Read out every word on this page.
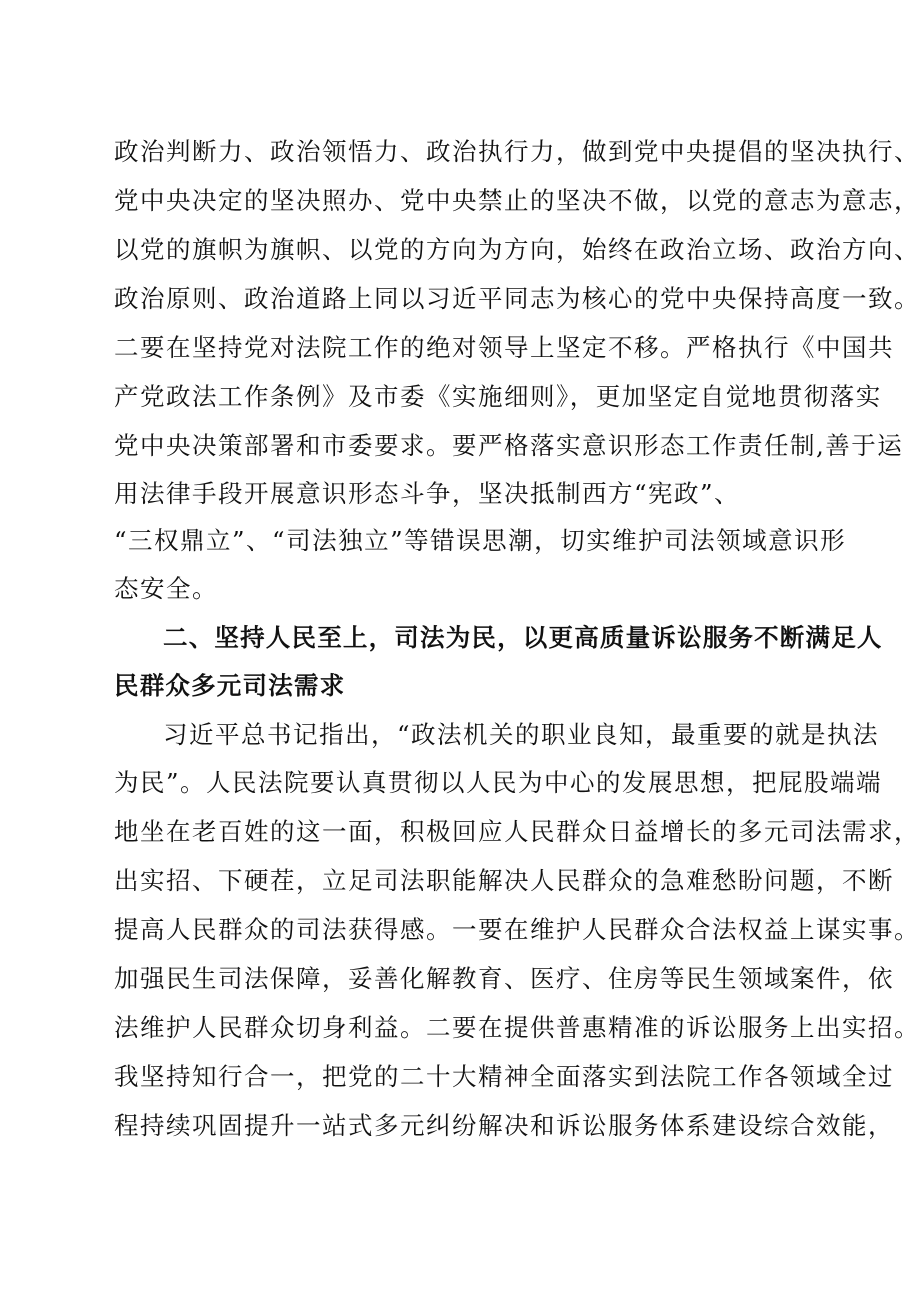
政治判断力、政治领悟力、政治执行力，做到党中央提倡的坚决执行、
党中央决定的坚决照办、党中央禁止的坚决不做，以党的意志为意志，
以党的旗帜为旗帜、以党的方向为方向，始终在政治立场、政治方向、
政治原则、政治道路上同以习近平同志为核心的党中央保持高度一致。
二要在坚持党对法院工作的绝对领导上坚定不移。严格执行《中国共
产党政法工作条例》及市委《实施细则》，更加坚定自觉地贯彻落实
党中央决策部署和市委要求。要严格落实意识形态工作责任制,善于运
用法律手段开展意识形态斗争，坚决抵制西方“宪政”、
“三权鼎立”、“司法独立”等错误思潮，切实维护司法领域意识形
态安全。
二、坚持人民至上，司法为民，以更高质量诉讼服务不断满足人
民群众多元司法需求
习近平总书记指出，“政法机关的职业良知，最重要的就是执法
为民”。人民法院要认真贯彻以人民为中心的发展思想，把屁股端端
地坐在老百姓的这一面，积极回应人民群众日益增长的多元司法需求，
出实招、下硬茬，立足司法职能解决人民群众的急难愁盼问题，不断
提高人民群众的司法获得感。一要在维护人民群众合法权益上谋实事。
加强民生司法保障，妥善化解教育、医疗、住房等民生领域案件，依
法维护人民群众切身利益。二要在提供普惠精准的诉讼服务上出实招。
我坚持知行合一，把党的二十大精神全面落实到法院工作各领域全过
程持续巩固提升一站式多元纠纷解决和诉讼服务体系建设综合效能，
